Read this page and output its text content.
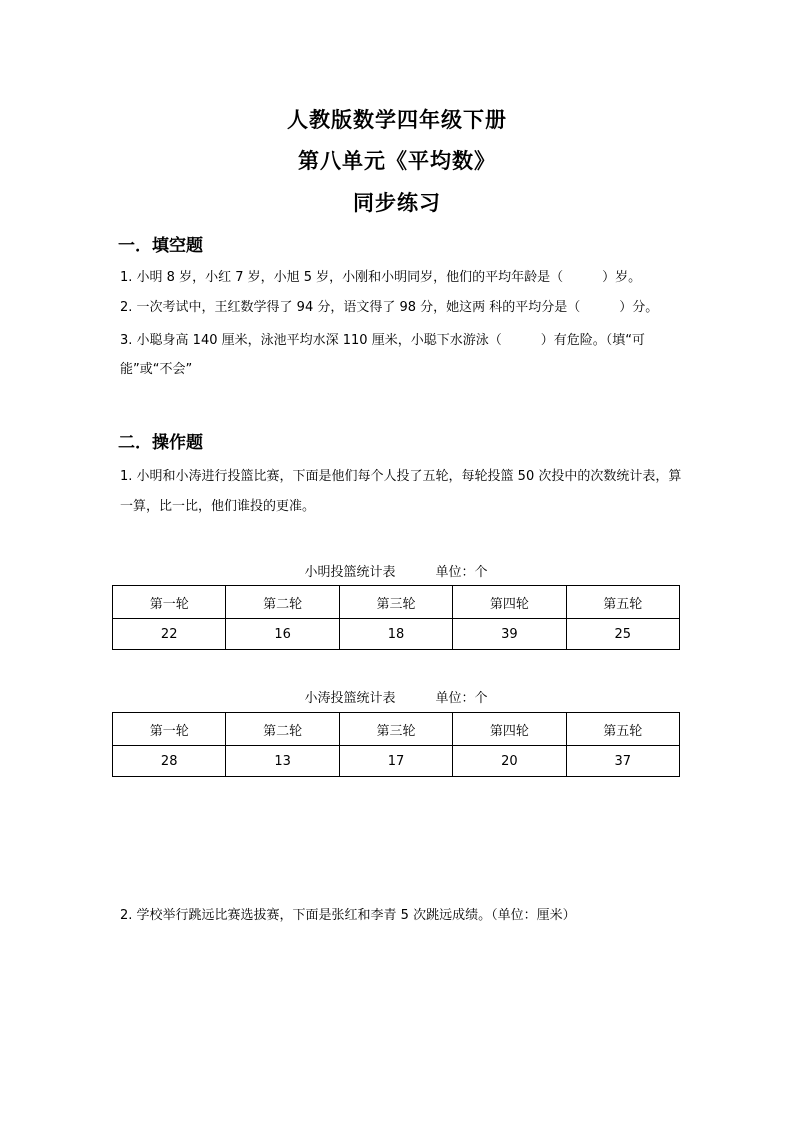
人教版数学四年级下册
第八单元《平均数》
同步练习
一．填空题
1. 小明 8 岁，小红 7 岁，小旭 5 岁，小刚和小明同岁，他们的平均年龄是（　　　）岁。
2. 一次考试中，王红数学得了 94 分，语文得了 98 分，她这两 科的平均分是（　　　）分。
3. 小聪身高 140 厘米，泳池平均水深 110 厘米，小聪下水游泳（　　　）有危险。（填“可能”或“不会”
二．操作题
1. 小明和小涛进行投篮比赛，下面是他们每个人投了五轮，每轮投篮 50 次投中的次数统计表，算一算，比一比，他们谁投的更准。
小明投篮统计表	单位：个
第一轮	第二轮	第三轮	第四轮	第五轮
22	16	18	39	25
小涛投篮统计表	单位：个
第一轮	第二轮	第三轮	第四轮	第五轮
28	13	17	20	37
2. 学校举行跳远比赛选拔赛，下面是张红和李青 5 次跳远成绩。（单位：厘米）
